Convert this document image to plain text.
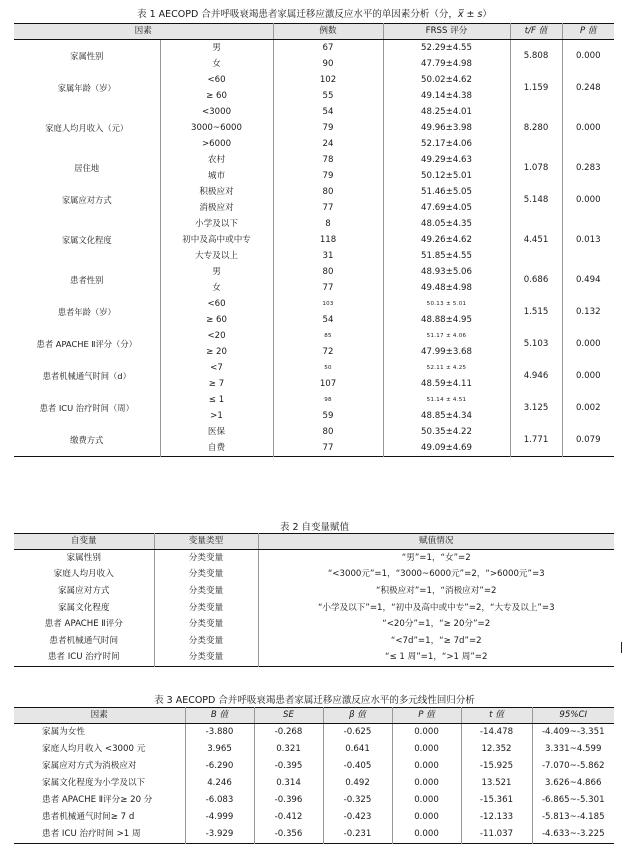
表 1 AECOPD 合并呼吸衰竭患者家属迁移应激反应水平的单因素分析（分，x̅ ± s）
因素		例数	FRSS 评分	t/F 值	P 值
家属性别	男	67	52.29±4.55	5.808	0.000
	女	90	47.79±4.98		
家属年龄（岁）	<60	102	50.02±4.62	1.159	0.248
	≥ 60	55	49.14±4.38		
家庭人均月收入（元）	<3000	54	48.25±4.01	8.280	0.000
	3000~6000	79	49.96±3.98		
	>6000	24	52.17±4.06		
居住地	农村	78	49.29±4.63	1.078	0.283
	城市	79	50.12±5.01		
家属应对方式	积极应对	80	51.46±5.05	5.148	0.000
	消极应对	77	47.69±4.05		
家属文化程度	小学及以下	8	48.05±4.35	4.451	0.013
	初中及高中或中专	118	49.26±4.62		
	大专及以上	31	51.85±4.55		
患者性别	男	80	48.93±5.06	0.686	0.494
	女	77	49.48±4.98		
患者年龄（岁）	<60	103	50.13 ± 5.01	1.515	0.132
	≥ 60	54	48.88±4.95		
患者 APACHE Ⅱ评分（分）	<20	85	51.17 ± 4.06	5.103	0.000
	≥ 20	72	47.99±3.68		
患者机械通气时间（d）	<7	50	52.11 ± 4.25	4.946	0.000
	≥ 7	107	48.59±4.11		
患者 ICU 治疗时间（周）	≤ 1	98	51.14 ± 4.51	3.125	0.002
	>1	59	48.85±4.34		
缴费方式	医保	80	50.35±4.22	1.771	0.079
	自费	77	49.09±4.69		
表 2 自变量赋值
自变量	变量类型	赋值情况
家属性别	分类变量	“男”=1，“女”=2
家庭人均月收入	分类变量	“<3000元”=1，“3000~6000元”=2，“>6000元”=3
家属应对方式	分类变量	“积极应对”=1，“消极应对”=2
家属文化程度	分类变量	“小学及以下”=1，“初中及高中或中专”=2，“大专及以上”=3
患者 APACHE Ⅱ评分	分类变量	“<20分”=1，“≥ 20分”=2
患者机械通气时间	分类变量	“<7d”=1，“≥ 7d”=2
患者 ICU 治疗时间	分类变量	“≤ 1 周”=1，“>1 周”=2
表 3 AECOPD 合并呼吸衰竭患者家属迁移应激反应水平的多元线性回归分析
因素	B 值	SE	β 值	P 值	t 值	95%CI
家属为女性	-3.880	-0.268	-0.625	0.000	-14.478	-4.409~-3.351
家庭人均月收入 <3000 元	3.965	0.321	0.641	0.000	12.352	3.331~4.599
家属应对方式为消极应对	-6.290	-0.395	-0.405	0.000	-15.925	-7.070~-5.862
家属文化程度为小学及以下	4.246	0.314	0.492	0.000	13.521	3.626~4.866
患者 APACHE Ⅱ评分≥ 20 分	-6.083	-0.396	-0.325	0.000	-15.361	-6.865~-5.301
患者机械通气时间≥ 7 d	-4.999	-0.412	-0.423	0.000	-12.133	-5.813~-4.185
患者 ICU 治疗时间 >1 周	-3.929	-0.356	-0.231	0.000	-11.037	-4.633~-3.225
